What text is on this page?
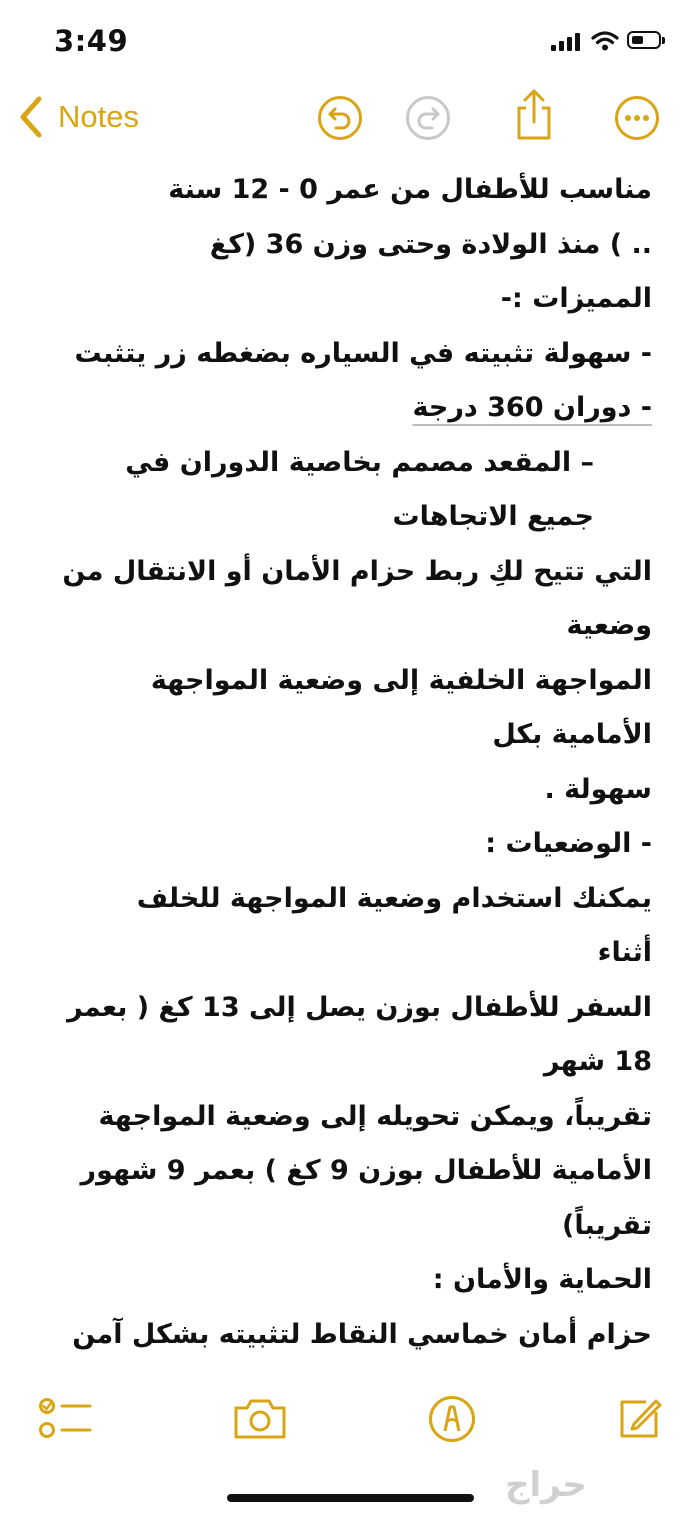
3:49
Notes
مناسب للأطفال من عمر 0 - 12 سنة
.. ) منذ الولادة وحتى وزن 36 (كغ
المميزات :-
- سهولة تثبيته في السياره بضغطه زر يتثبت
- دوران 360 درجة
– المقعد مصمم بخاصية الدوران في
جميع الاتجاهات
التي تتيح لكِ ربط حزام الأمان أو الانتقال من
وضعية
المواجهة الخلفية إلى وضعية المواجهة
الأمامية بكل
سهولة .
- الوضعيات :
يمكنك استخدام وضعية المواجهة للخلف
أثناء
السفر للأطفال بوزن يصل إلى 13 كغ ( بعمر
18 شهر
تقريباً، ويمكن تحويله إلى وضعية المواجهة
الأمامية للأطفال بوزن 9 كغ ) بعمر 9 شهور
تقريباً)
الحماية والأمان :
حزام أمان خماسي النقاط لتثبيته بشكل آمن
حراج
